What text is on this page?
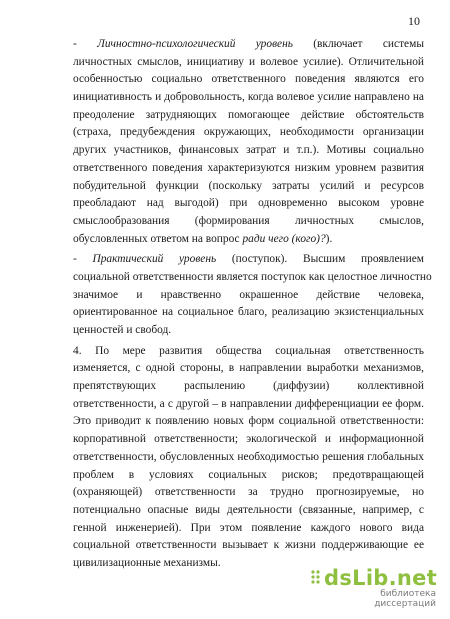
10
- Личностно-психологический уровень (включает системы
личностных смыслов, инициативу и волевое усилие). Отличительной
особенностью социально ответственного поведения являются его
инициативность и добровольность, когда волевое усилие направлено на
преодоление затрудняющих помогающее действие обстоятельств
(страха, предубеждения окружающих, необходимости организации
других участников, финансовых затрат и т.п.). Мотивы социально
ответственного поведения характеризуются низким уровнем развития
побудительной функции (поскольку затраты усилий и ресурсов
преобладают над выгодой) при одновременно высоком уровне
смыслообразования (формирования личностных смыслов,
обусловленных ответом на вопрос ради чего (кого)?).
- Практический уровень (поступок). Высшим проявлением
социальной ответственности является поступок как целостное личностно
значимое и нравственно окрашенное действие человека,
ориентированное на социальное благо, реализацию экзистенциальных
ценностей и свобод.
4. По мере развития общества социальная ответственность
изменяется, с одной стороны, в направлении выработки механизмов,
препятствующих распылению (диффузии) коллективной
ответственности, а с другой – в направлении дифференциации ее форм.
Это приводит к появлению новых форм социальной ответственности:
корпоративной ответственности; экологической и информационной
ответственности, обусловленных необходимостью решения глобальных
проблем в условиях социальных рисков; предотвращающей
(охраняющей) ответственности за трудно прогнозируемые, но
потенциально опасные виды деятельности (связанные, например, с
генной инженерией). При этом появление каждого нового вида
социальной ответственности вызывает к жизни поддерживающие ее
цивилизационные механизмы.
dsLib.net
библиотека диссертаций
